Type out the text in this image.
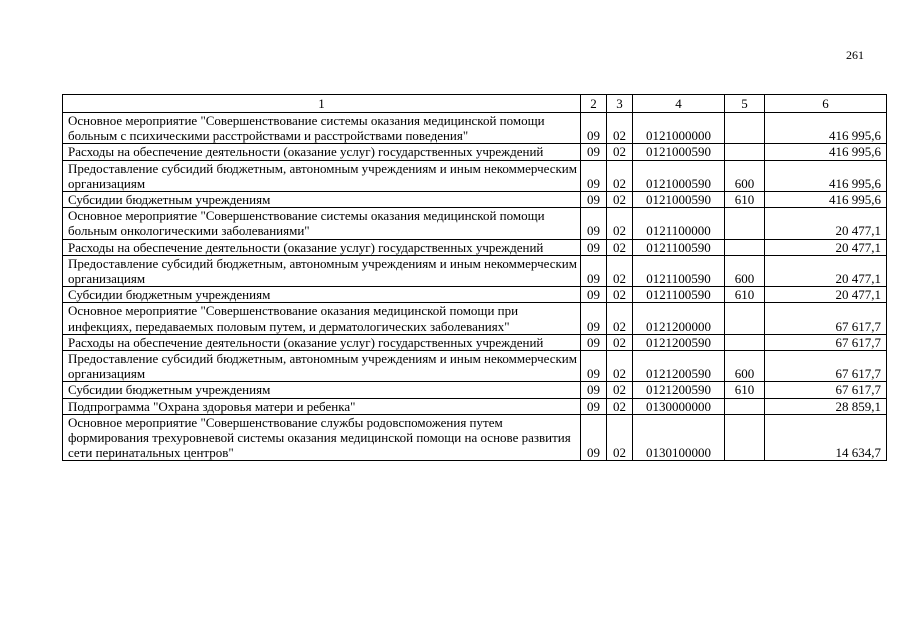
261
1	2	3	4	5	6
Основное мероприятие "Совершенствование системы оказания медицинской помощи больным с психическими расстройствами и расстройствами поведения"	09	02	0121000000		416 995,6
Расходы на обеспечение деятельности (оказание услуг) государственных учреждений	09	02	0121000590		416 995,6
Предоставление субсидий бюджетным, автономным учреждениям и иным некоммерческим организациям	09	02	0121000590	600	416 995,6
Субсидии бюджетным учреждениям	09	02	0121000590	610	416 995,6
Основное мероприятие "Совершенствование системы оказания медицинской помощи больным онкологическими заболеваниями"	09	02	0121100000		20 477,1
Расходы на обеспечение деятельности (оказание услуг) государственных учреждений	09	02	0121100590		20 477,1
Предоставление субсидий бюджетным, автономным учреждениям и иным некоммерческим организациям	09	02	0121100590	600	20 477,1
Субсидии бюджетным учреждениям	09	02	0121100590	610	20 477,1
Основное мероприятие "Совершенствование оказания медицинской помощи при инфекциях, передаваемых половым путем, и дерматологических заболеваниях"	09	02	0121200000		67 617,7
Расходы на обеспечение деятельности (оказание услуг) государственных учреждений	09	02	0121200590		67 617,7
Предоставление субсидий бюджетным, автономным учреждениям и иным некоммерческим организациям	09	02	0121200590	600	67 617,7
Субсидии бюджетным учреждениям	09	02	0121200590	610	67 617,7
Подпрограмма "Охрана здоровья матери и ребенка"	09	02	0130000000		28 859,1
Основное мероприятие "Совершенствование службы родовспоможения путем формирования трехуровневой системы оказания медицинской помощи на основе развития сети перинатальных центров"	09	02	0130100000		14 634,7
